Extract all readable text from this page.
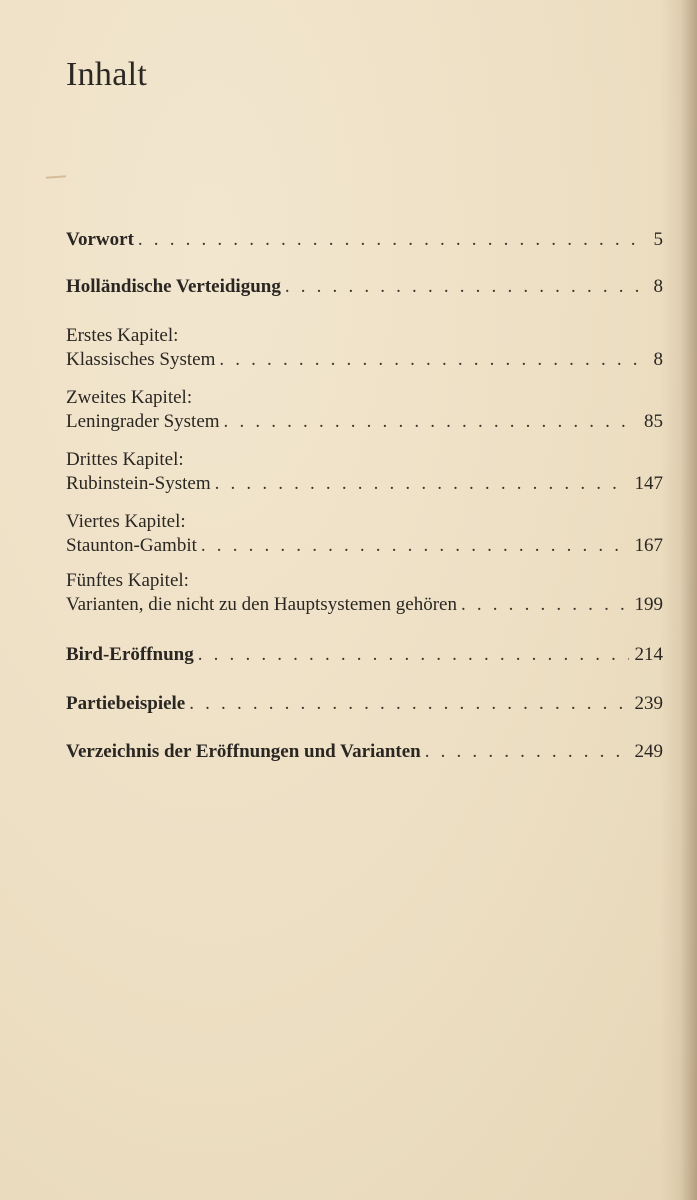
Inhalt
Vorwort . . .	5
Holländische Verteidigung . . .	8
Erstes Kapitel:
Klassisches System . . .	8
Zweites Kapitel:
Leningrader System . . .	85
Drittes Kapitel:
Rubinstein-System . . .	147
Viertes Kapitel:
Staunton-Gambit . . .	167
Fünftes Kapitel:
Varianten, die nicht zu den Hauptsystemen gehören . . .	199
Bird-Eröffnung . . .	214
Partiebeispiele . . .	239
Verzeichnis der Eröffnungen und Varianten . . .	249
